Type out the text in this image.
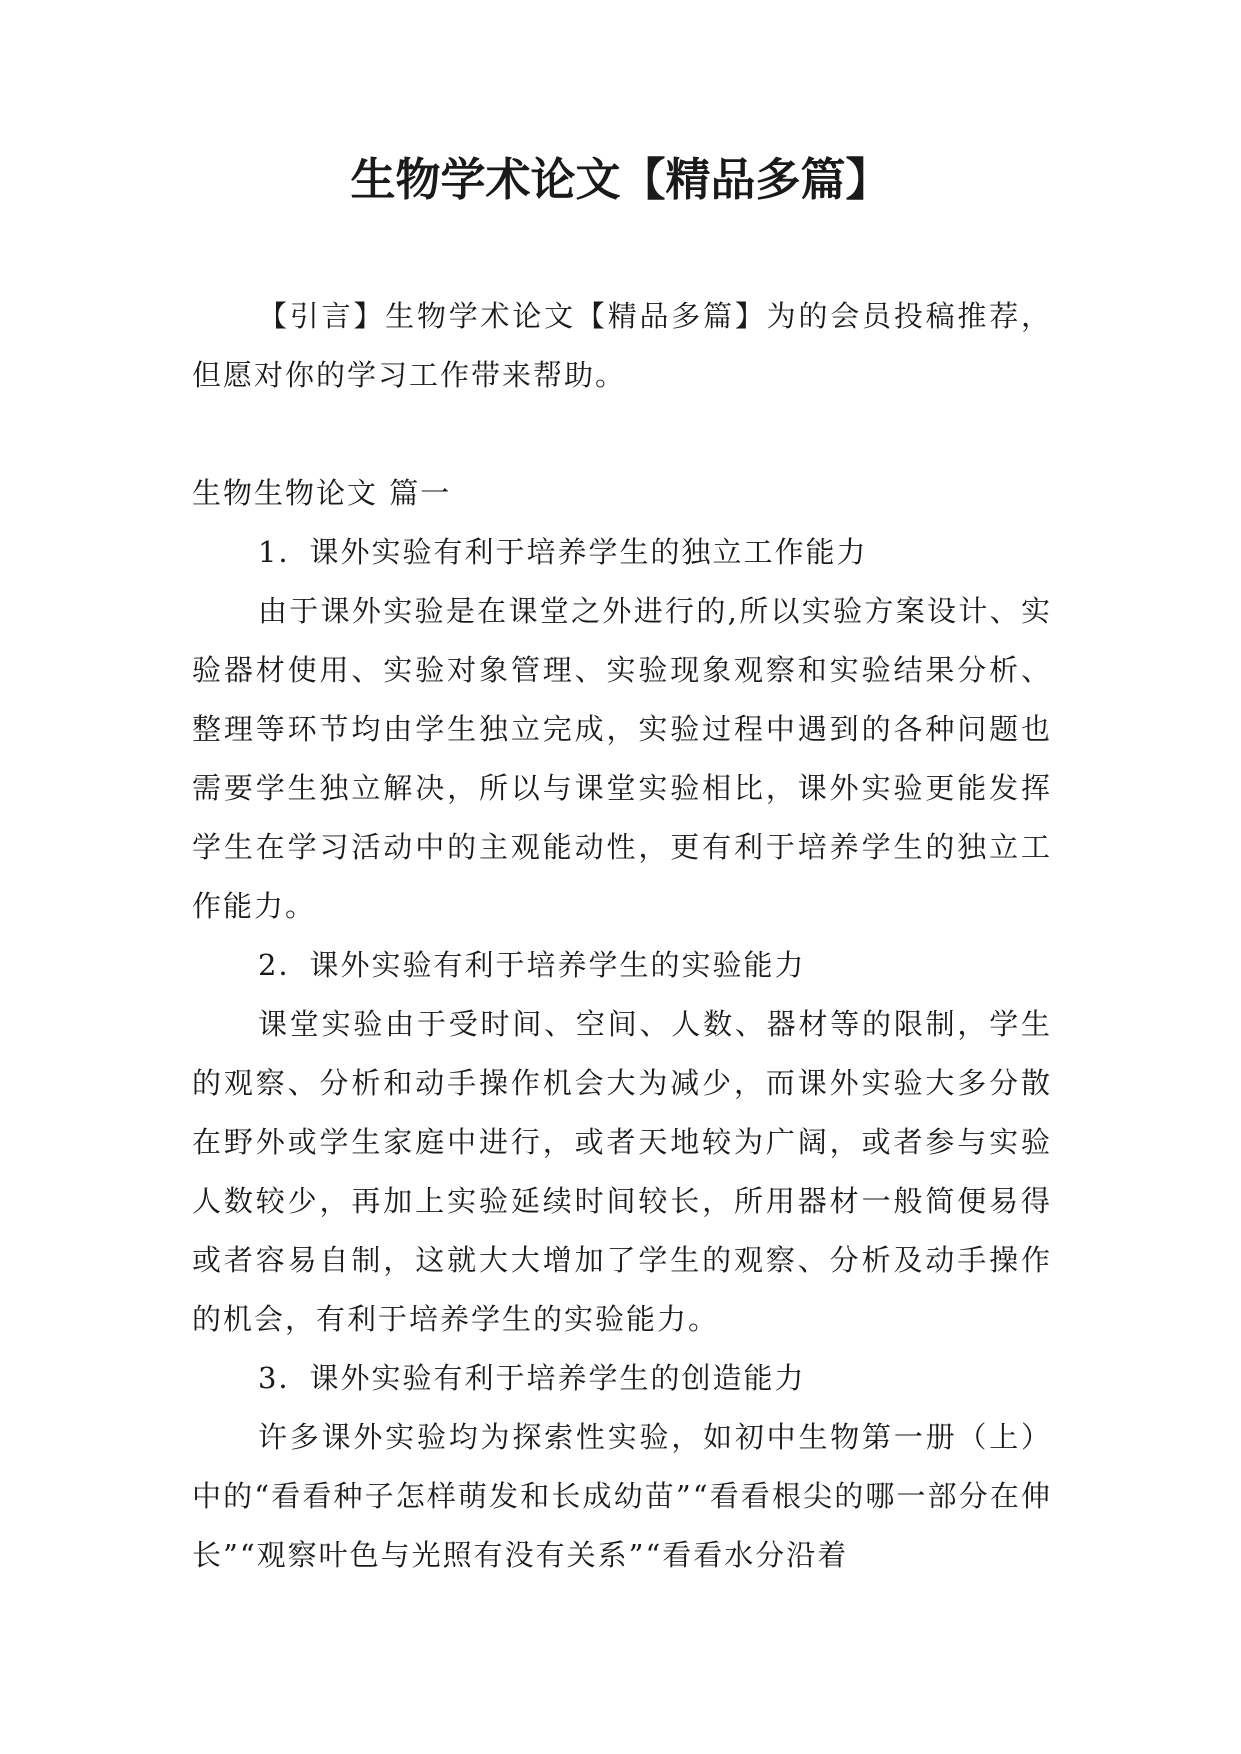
生物学术论文【精品多篇】

【引言】生物学术论文【精品多篇】为的会员投稿推荐，但愿对你的学习工作带来帮助。

生物生物论文 篇一

1．课外实验有利于培养学生的独立工作能力

由于课外实验是在课堂之外进行的,所以实验方案设计、实验器材使用、实验对象管理、实验现象观察和实验结果分析、整理等环节均由学生独立完成，实验过程中遇到的各种问题也需要学生独立解决，所以与课堂实验相比，课外实验更能发挥学生在学习活动中的主观能动性，更有利于培养学生的独立工作能力。

2．课外实验有利于培养学生的实验能力

课堂实验由于受时间、空间、人数、器材等的限制，学生的观察、分析和动手操作机会大为减少，而课外实验大多分散在野外或学生家庭中进行，或者天地较为广阔，或者参与实验人数较少，再加上实验延续时间较长，所用器材一般简便易得或者容易自制，这就大大增加了学生的观察、分析及动手操作的机会，有利于培养学生的实验能力。

3．课外实验有利于培养学生的创造能力

许多课外实验均为探索性实验，如初中生物第一册（上）中的“看看种子怎样萌发和长成幼苗”“看看根尖的哪一部分在伸长”“观察叶色与光照有没有关系”“看看水分沿着
